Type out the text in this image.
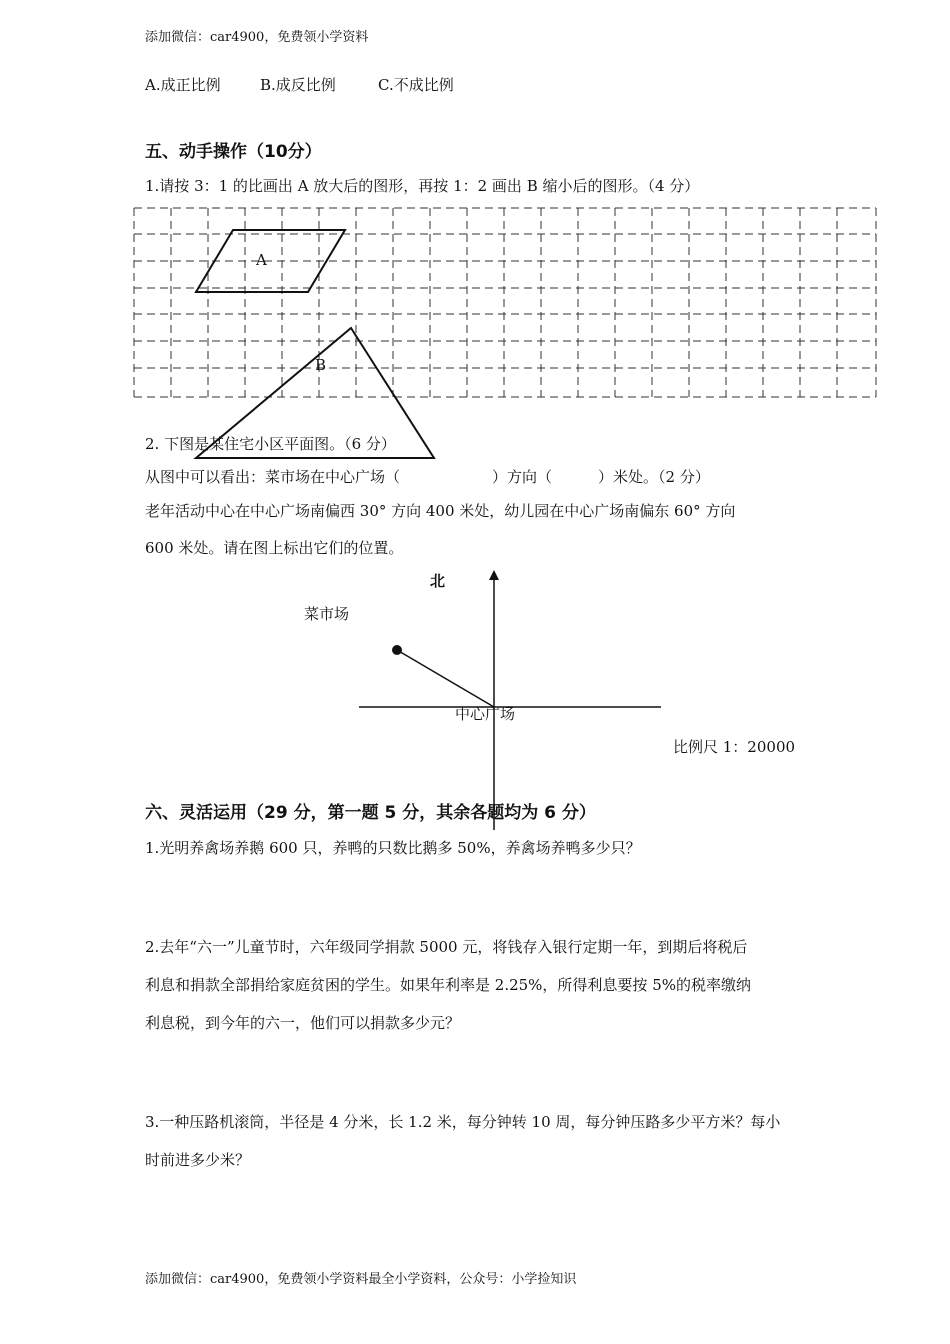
添加微信：car4900，免费领小学资料
A.成正比例	B.成反比例	C.不成比例
五、动手操作（10分）
1.请按 3：1 的比画出 A 放大后的图形，再按 1：2 画出 B 缩小后的图形。（4 分）
A
B
2. 下图是某住宅小区平面图。（6 分）
从图中可以看出：菜市场在中心广场（	）方向（	）米处。（2 分）
老年活动中心在中心广场南偏西 30° 方向 400 米处，幼儿园在中心广场南偏东 60° 方向
600 米处。请在图上标出它们的位置。
北
菜市场
中心广场
比例尺 1：20000
六、灵活运用（29 分，第一题 5 分，其余各题均为 6 分）
1.光明养禽场养鹅 600 只，养鸭的只数比鹅多 50%，养禽场养鸭多少只？
2.去年“六一”儿童节时，六年级同学捐款 5000 元，将钱存入银行定期一年，到期后将税后
利息和捐款全部捐给家庭贫困的学生。如果年利率是 2.25%，所得利息要按 5%的税率缴纳
利息税，到今年的六一，他们可以捐款多少元？
3.一种压路机滚筒，半径是 4 分米，长 1.2 米，每分钟转 10 周，每分钟压路多少平方米？每小
时前进多少米？
添加微信：car4900，免费领小学资料最全小学资料，公众号：小学捡知识
